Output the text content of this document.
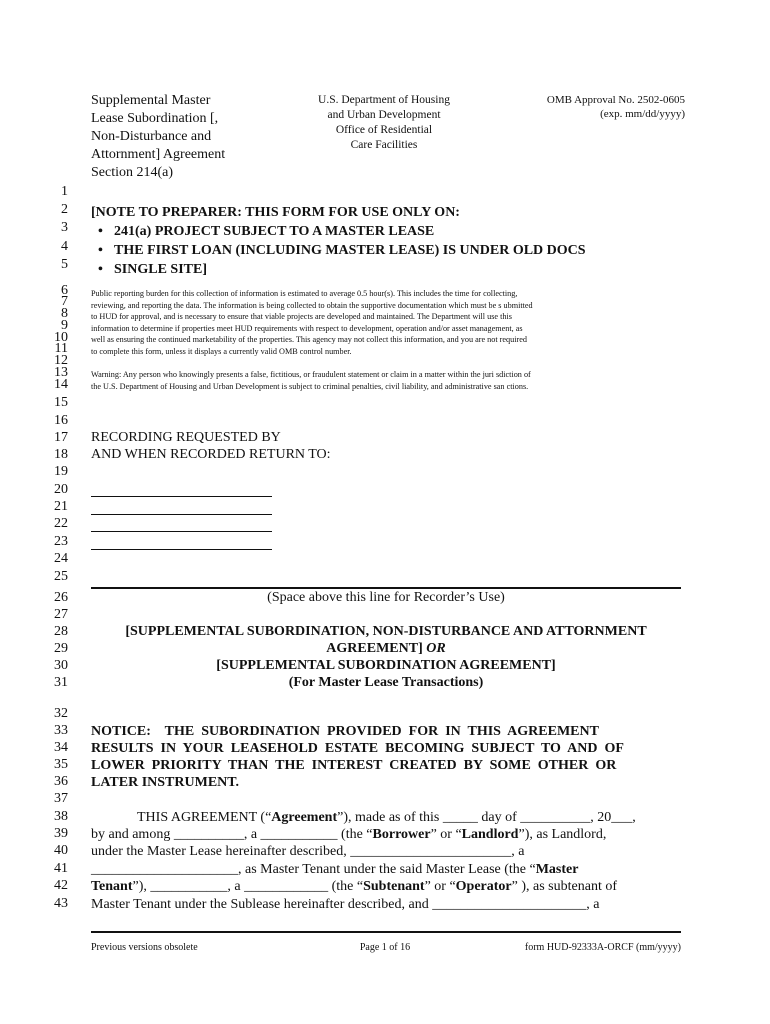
Supplemental Master
Lease Subordination [,
Non-Disturbance and
Attornment] Agreement
Section 214(a)
U.S. Department of Housing
and Urban Development
Office of Residential
Care Facilities
OMB Approval No. 2502-0605
(exp. mm/dd/yyyy)
1
2
3
4
5
6
7
8
9
10
11
12
13
14
15
16
17
18
19
20
21
22
23
24
25
26
27
28
29
30
31
32
33
34
35
36
37
38
39
40
41
42
43
[NOTE TO PREPARER: THIS FORM FOR USE ONLY ON:
• 241(a) PROJECT SUBJECT TO A MASTER LEASE
• THE FIRST LOAN (INCLUDING MASTER LEASE) IS UNDER OLD DOCS
• SINGLE SITE]
Public reporting burden for this collection of information is estimated to average 0.5 hour(s). This includes the time for collecting,
reviewing, and reporting the data. The information is being collected to obtain the supportive documentation which must be s ubmitted
to HUD for approval, and is necessary to ensure that viable projects are developed and maintained. The Department will use this
information to determine if properties meet HUD requirements with respect to development, operation and/or asset management, as
well as ensuring the continued marketability of the properties. This agency may not collect this information, and you are not required
to complete this form, unless it displays a currently valid OMB control number.
Warning: Any person who knowingly presents a false, fictitious, or fraudulent statement or claim in a matter within the juri sdiction of
the U.S. Department of Housing and Urban Development is subject to criminal penalties, civil liability, and administrative san ctions.
RECORDING REQUESTED BY
AND WHEN RECORDED RETURN TO:
(Space above this line for Recorder’s Use)
[SUPPLEMENTAL SUBORDINATION, NON-DISTURBANCE AND ATTORNMENT
AGREEMENT] OR
[SUPPLEMENTAL SUBORDINATION AGREEMENT]
(For Master Lease Transactions)
NOTICE:    THE  SUBORDINATION  PROVIDED  FOR  IN  THIS  AGREEMENT
RESULTS  IN  YOUR  LEASEHOLD  ESTATE  BECOMING  SUBJECT  TO  AND  OF
LOWER  PRIORITY  THAN  THE  INTEREST  CREATED  BY  SOME  OTHER  OR
LATER INSTRUMENT.
THIS AGREEMENT (“Agreement”), made as of this _____ day of __________, 20___,
by and among __________, a ___________ (the “Borrower” or “Landlord”), as Landlord,
under the Master Lease hereinafter described, _______________________, a
_____________________, as Master Tenant under the said Master Lease (the “Master
Tenant”), ___________, a ____________ (the “Subtenant” or “Operator” ), as subtenant of
Master Tenant under the Sublease hereinafter described, and ______________________, a
Previous versions obsolete	Page 1 of 16	form HUD-92333A-ORCF (mm/yyyy)
